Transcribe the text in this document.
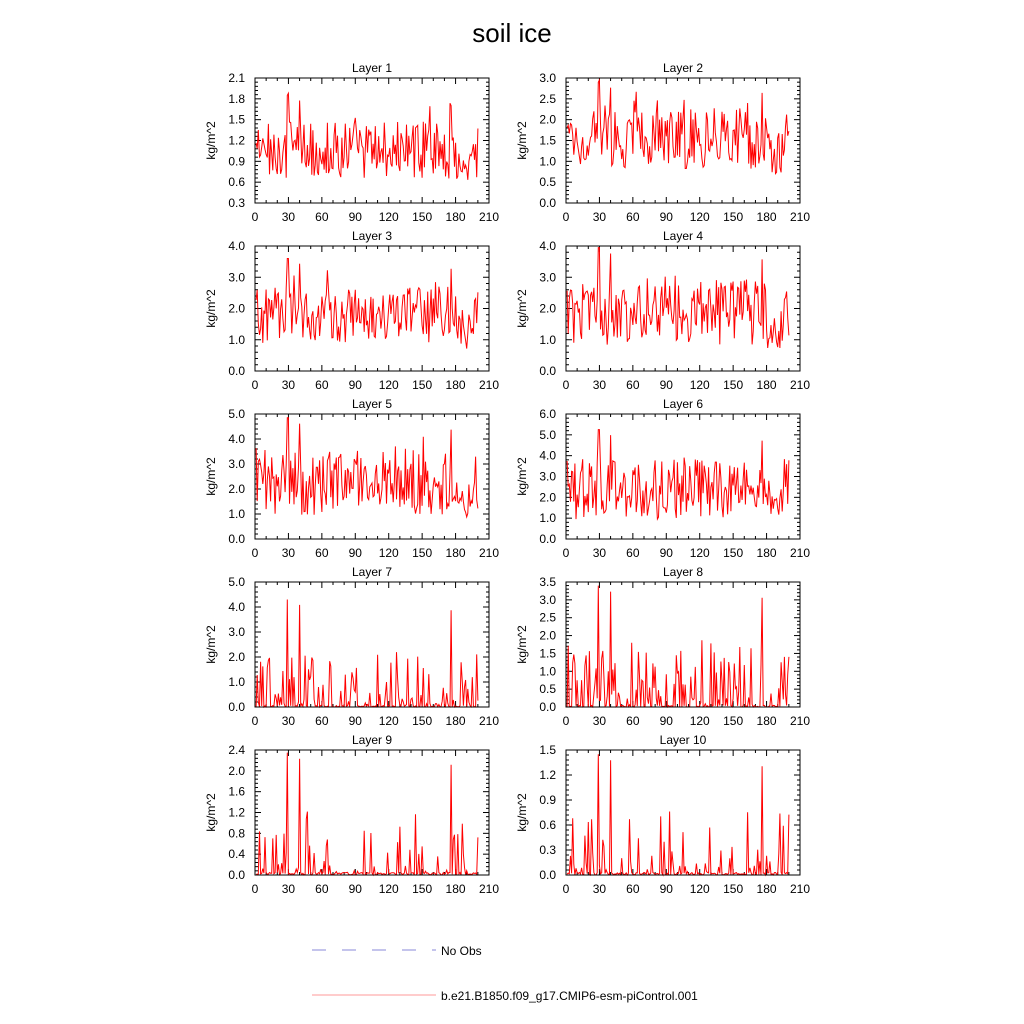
soil ice
Layer 1
kg/m^2
0 30 60 90 120 150 180 210
0.3
0.6
0.9
1.2
1.5
1.8
2.1
Layer 2
kg/m^2
0 30 60 90 120 150 180 210
0.0
0.5
1.0
1.5
2.0
2.5
3.0
Layer 3
kg/m^2
0 30 60 90 120 150 180 210
0.0
1.0
2.0
3.0
4.0
Layer 4
kg/m^2
0 30 60 90 120 150 180 210
0.0
1.0
2.0
3.0
4.0
Layer 5
kg/m^2
0 30 60 90 120 150 180 210
0.0
1.0
2.0
3.0
4.0
5.0
Layer 6
kg/m^2
0 30 60 90 120 150 180 210
0.0
1.0
2.0
3.0
4.0
5.0
6.0
Layer 7
kg/m^2
0 30 60 90 120 150 180 210
0.0
1.0
2.0
3.0
4.0
5.0
Layer 8
kg/m^2
0 30 60 90 120 150 180 210
0.0
0.5
1.0
1.5
2.0
2.5
3.0
3.5
Layer 9
kg/m^2
0 30 60 90 120 150 180 210
0.0
0.4
0.8
1.2
1.6
2.0
2.4
Layer 10
kg/m^2
0 30 60 90 120 150 180 210
0.0
0.3
0.6
0.9
1.2
1.5
No Obs
b.e21.B1850.f09_g17.CMIP6-esm-piControl.001
